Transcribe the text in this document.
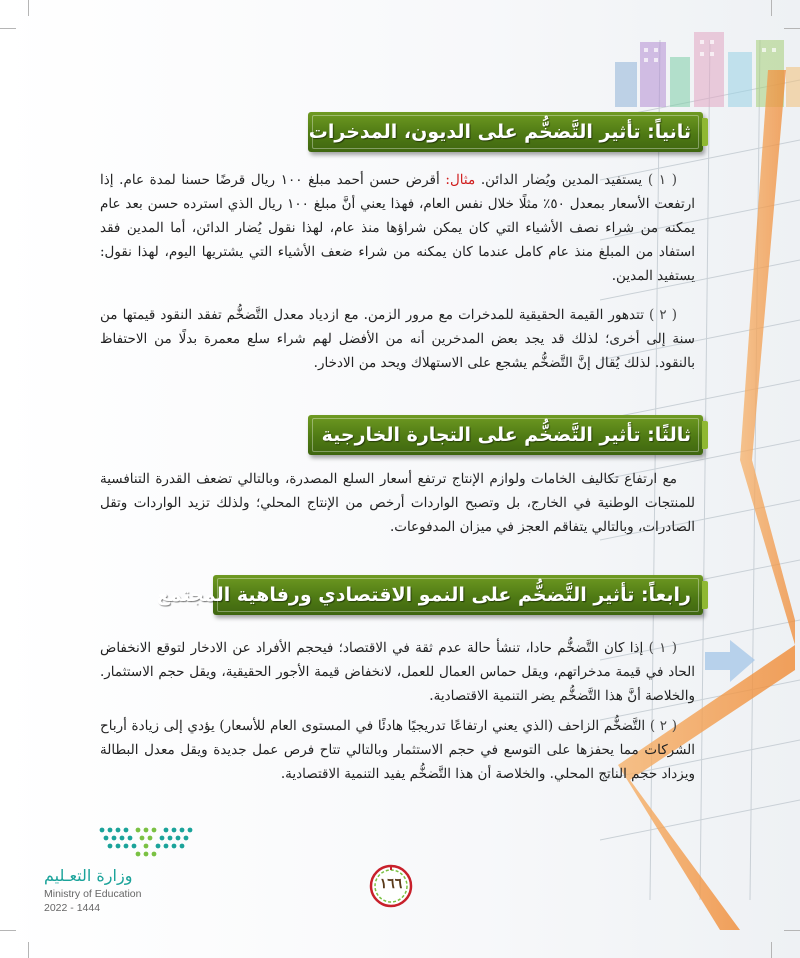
ثانياً: تأثير التَّضخُّم على الديون، المدخرات

( ١ ) يستفيد المدين ويُضار الدائن. مثال: أقرض حسن أحمد مبلغ ١٠٠ ريال قرضًا حسنا لمدة عام. إذا ارتفعت الأسعار بمعدل ٥٠٪ مثلًا خلال نفس العام، فهذا يعني أنَّ مبلغ ١٠٠ ريال الذي استرده حسن بعد عام يمكنه من شراء نصف الأشياء التي كان يمكن شراؤها منذ عام، لهذا نقول يُضار الدائن، أما المدين فقد استفاد من المبلغ منذ عام كامل عندما كان يمكنه من شراء ضعف الأشياء التي يشتريها اليوم، لهذا نقول: يستفيد المدين.

( ٢ ) تتدهور القيمة الحقيقية للمدخرات مع مرور الزمن. مع ازدياد معدل التَّضخُّم تفقد النقود قيمتها من سنة إلى أخرى؛ لذلك قد يجد بعض المدخرين أنه من الأفضل لهم شراء سلع معمرة بدلًا من الاحتفاظ بالنقود. لذلك يُقال إنَّ التَّضخُّم يشجع على الاستهلاك ويحد من الادخار.

ثالثًا: تأثير التَّضخُّم على التجارة الخارجية

مع ارتفاع تكاليف الخامات ولوازم الإنتاج ترتفع أسعار السلع المصدرة، وبالتالي تضعف القدرة التنافسية للمنتجات الوطنية في الخارج، بل وتصبح الواردات أرخص من الإنتاج المحلي؛ ولذلك تزيد الواردات وتقل الصادرات، وبالتالي يتفاقم العجز في ميزان المدفوعات.

رابعاً: تأثير التَّضخُّم على النمو الاقتصادي ورفاهية المجتمع

( ١ ) إذا كان التَّضخُّم حادا، تنشأ حالة عدم ثقة في الاقتصاد؛ فيحجم الأفراد عن الادخار لتوقع الانخفاض الحاد في قيمة مدخراتهم، ويقل حماس العمال للعمل، لانخفاض قيمة الأجور الحقيقية، ويقل حجم الاستثمار. والخلاصة أنَّ هذا التَّضخُّم يضر التنمية الاقتصادية.

( ٢ ) التَّضخُّم الزاحف (الذي يعني ارتفاعًا تدريجيًا هادئًا في المستوى العام للأسعار) يؤدي إلى زيادة أرباح الشركات مما يحفزها على التوسع في حجم الاستثمار وبالتالي تتاح فرص عمل جديدة ويقل معدل البطالة ويزداد حجم الناتج المحلي. والخلاصة أن هذا التَّضخُّم يفيد التنمية الاقتصادية.

وزارة التعـليم
Ministry of Education
2022 - 1444
١٦٦
